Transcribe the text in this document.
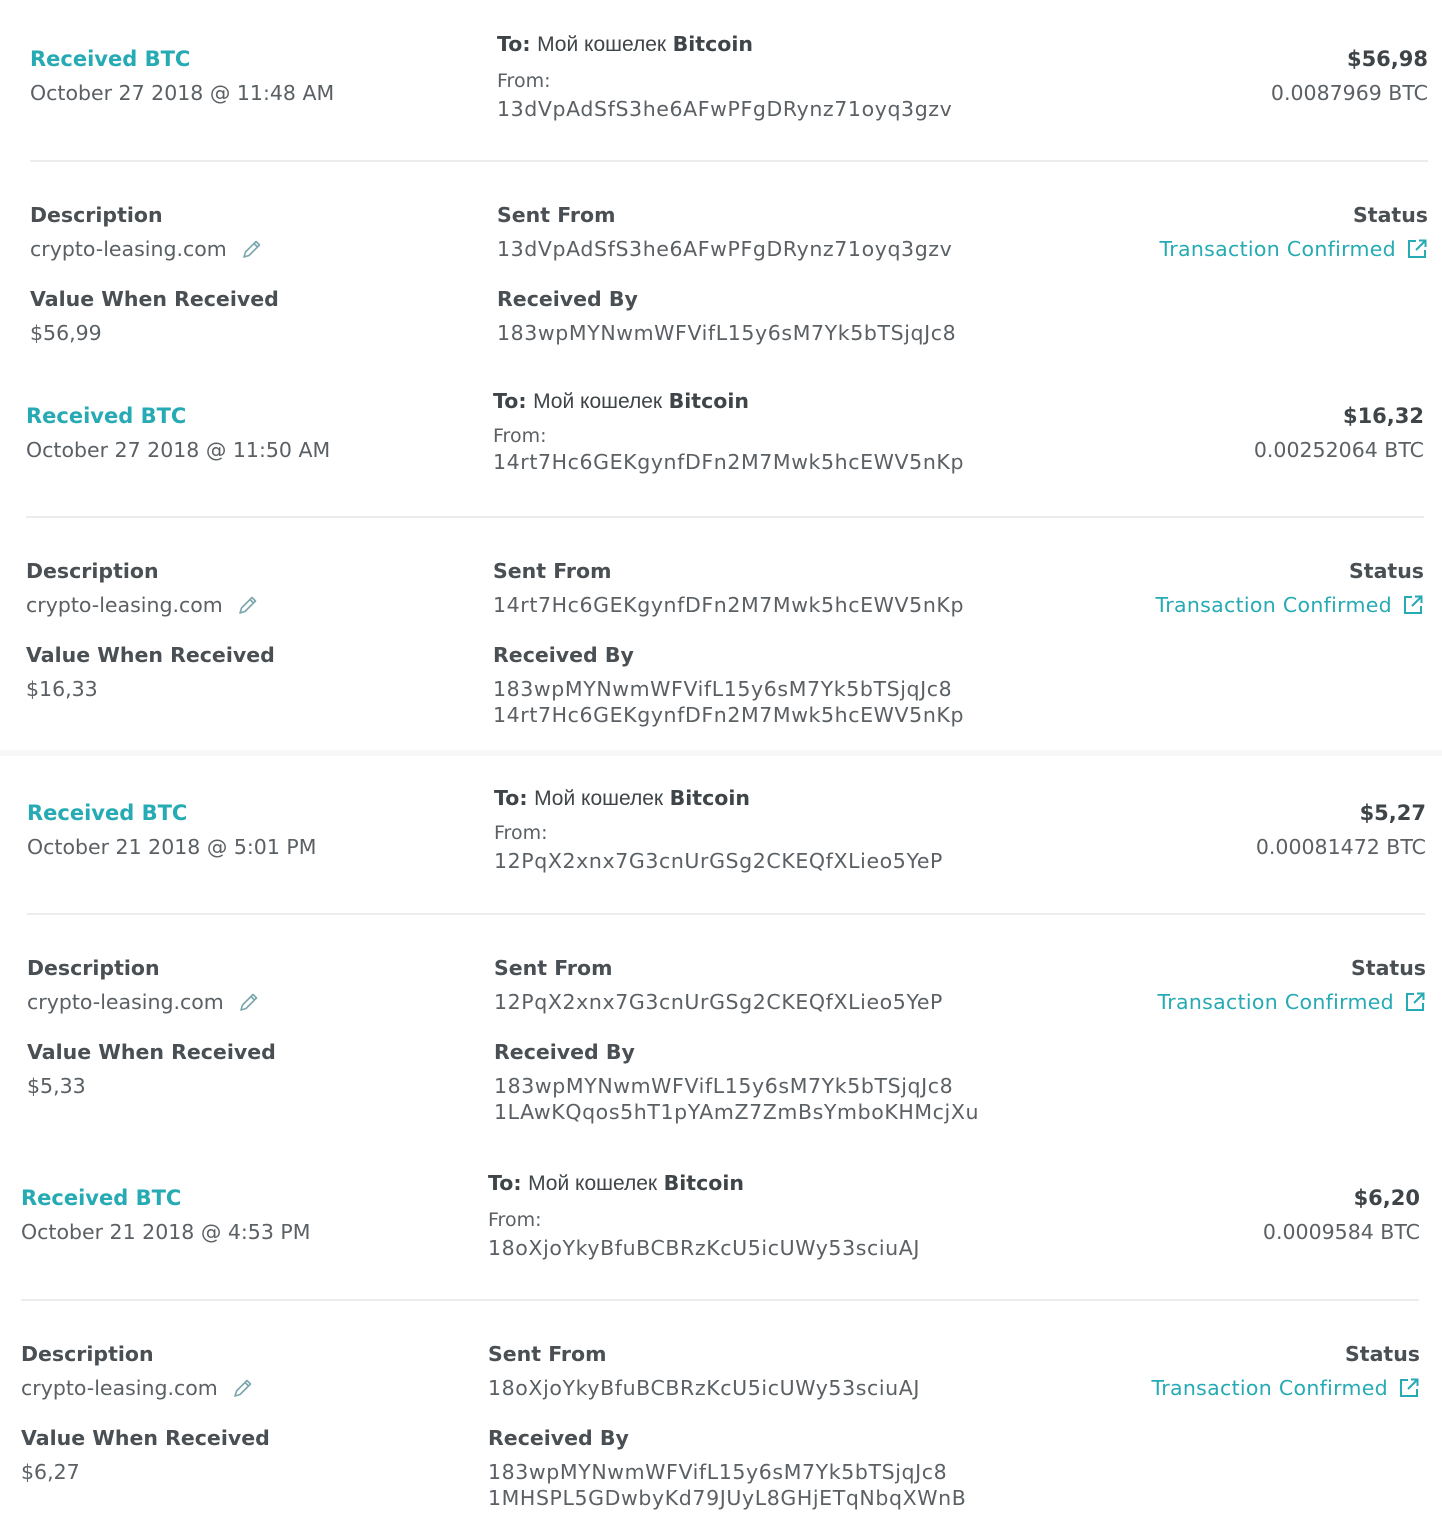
Received BTC
October 27 2018 @ 11:48 AM
To: Мой кошелек Bitcoin
From:
13dVpAdSfS3he6AFwPFgDRynz71oyq3gzv
$56,98
0.0087969 BTC
Description
crypto-leasing.com
Value When Received
$56,99
Sent From
13dVpAdSfS3he6AFwPFgDRynz71oyq3gzv
Received By
183wpMYNwmWFVifL15y6sM7Yk5bTSjqJc8
Status
Transaction Confirmed
Received BTC
October 27 2018 @ 11:50 AM
To: Мой кошелек Bitcoin
From:
14rt7Hc6GEKgynfDFn2M7Mwk5hcEWV5nKp
$16,32
0.00252064 BTC
Description
crypto-leasing.com
Value When Received
$16,33
Sent From
14rt7Hc6GEKgynfDFn2M7Mwk5hcEWV5nKp
Received By
183wpMYNwmWFVifL15y6sM7Yk5bTSjqJc8
14rt7Hc6GEKgynfDFn2M7Mwk5hcEWV5nKp
Status
Transaction Confirmed
Received BTC
October 21 2018 @ 5:01 PM
To: Мой кошелек Bitcoin
From:
12PqX2xnx7G3cnUrGSg2CKEQfXLieo5YeP
$5,27
0.00081472 BTC
Description
crypto-leasing.com
Value When Received
$5,33
Sent From
12PqX2xnx7G3cnUrGSg2CKEQfXLieo5YeP
Received By
183wpMYNwmWFVifL15y6sM7Yk5bTSjqJc8
1LAwKQqos5hT1pYAmZ7ZmBsYmboKHMcjXu
Status
Transaction Confirmed
Received BTC
October 21 2018 @ 4:53 PM
To: Мой кошелек Bitcoin
From:
18oXjoYkyBfuBCBRzKcU5icUWy53sciuAJ
$6,20
0.0009584 BTC
Description
crypto-leasing.com
Value When Received
$6,27
Sent From
18oXjoYkyBfuBCBRzKcU5icUWy53sciuAJ
Received By
183wpMYNwmWFVifL15y6sM7Yk5bTSjqJc8
1MHSPL5GDwbyKd79JUyL8GHjETqNbqXWnB
Status
Transaction Confirmed
